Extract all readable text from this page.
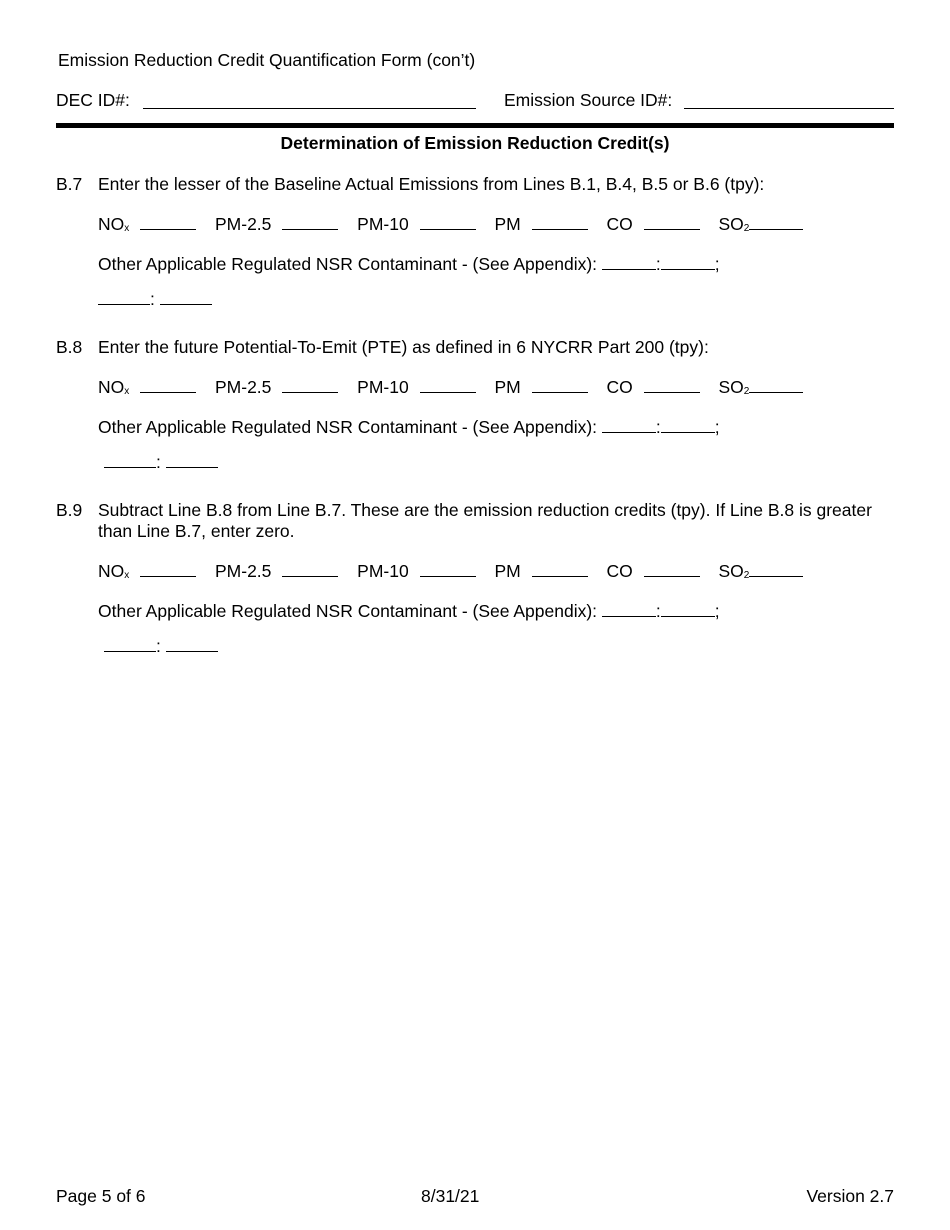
Emission Reduction Credit Quantification Form (con’t)
DEC ID#:	Emission Source ID#:
Determination of Emission Reduction Credit(s)
B.7 Enter the lesser of the Baseline Actual Emissions from Lines B.1, B.4, B.5 or B.6 (tpy):
$NO_x$	PM-2.5	PM-10	PM	CO	$SO_2$
Other Applicable Regulated NSR Contaminant - (See Appendix):	:	;
:
B.8 Enter the future Potential-To-Emit (PTE) as defined in 6 NYCRR Part 200 (tpy):
$NO_x$	PM-2.5	PM-10	PM	CO	$SO_2$
Other Applicable Regulated NSR Contaminant - (See Appendix):	:	;
:
B.9 Subtract Line B.8 from Line B.7. These are the emission reduction credits (tpy). If Line B.8 is greater than Line B.7, enter zero.
$NO_x$	PM-2.5	PM-10	PM	CO	$SO_2$
Other Applicable Regulated NSR Contaminant - (See Appendix):	:	;
:
Page 5 of 6	8/31/21	Version 2.7
